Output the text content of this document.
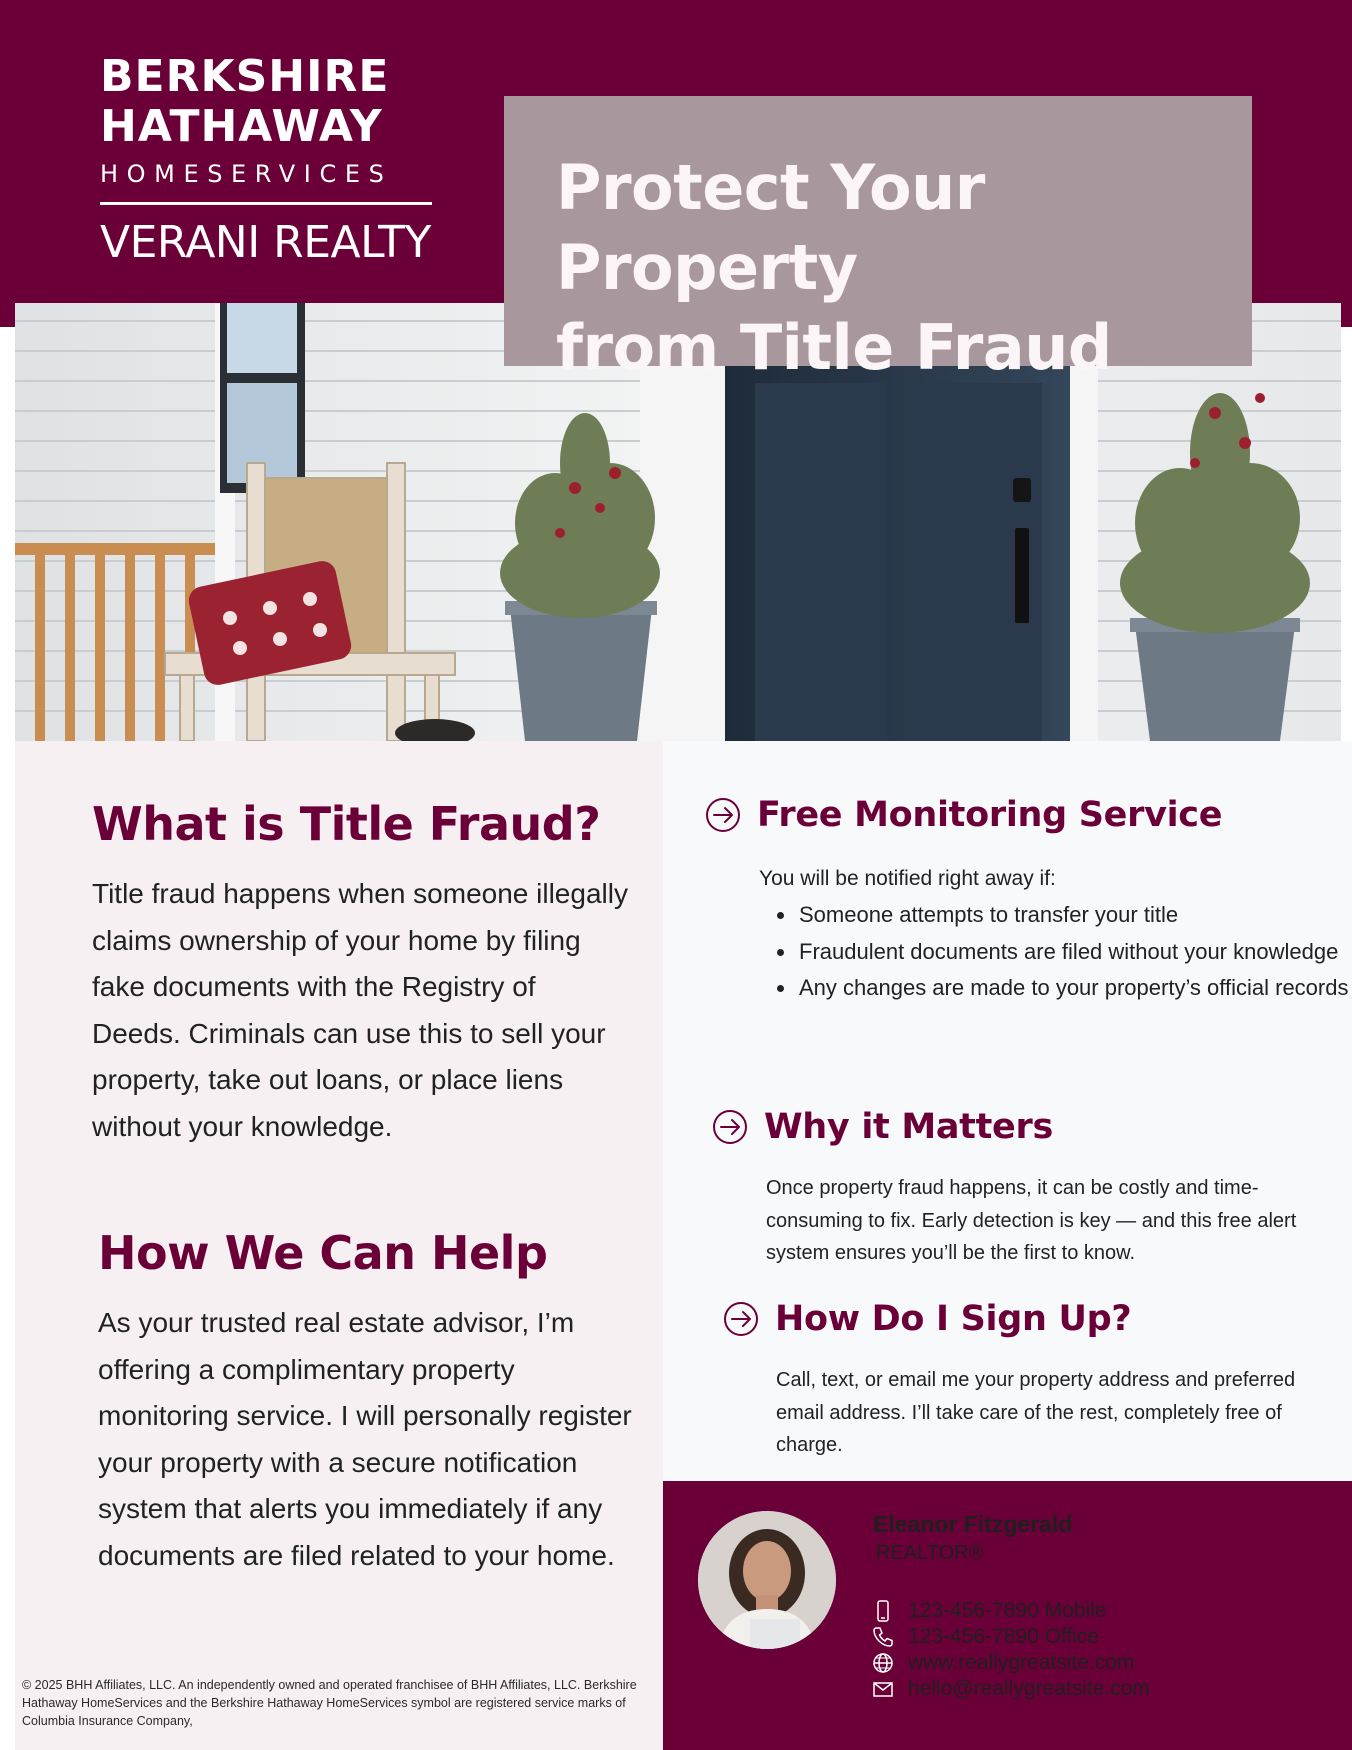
BERKSHIRE
HATHAWAY
HOMESERVICES
VERANI REALTY
Protect Your Property
from Title Fraud
What is Title Fraud?

Title fraud happens when someone illegally claims ownership of your home by filing fake documents with the Registry of Deeds. Criminals can use this to sell your property, take out loans, or place liens without your knowledge.

How We Can Help

As your trusted real estate advisor, I’m offering a complimentary property monitoring service. I will personally register your property with a secure notification system that alerts you immediately if any documents are filed related to your home.

© 2025 BHH Affiliates, LLC. An independently owned and operated franchisee of BHH Affiliates, LLC. Berkshire Hathaway HomeServices and the Berkshire Hathaway HomeServices symbol are registered service marks of Columbia Insurance Company,
Free Monitoring Service

You will be notified right away if:

• Someone attempts to transfer your title
• Fraudulent documents are filed without your knowledge
• Any changes are made to your property’s official records
Why it Matters

Once property fraud happens, it can be costly and time-consuming to fix. Early detection is key — and this free alert system ensures you’ll be the first to know.

How Do I Sign Up?

Call, text, or email me your property address and preferred email address. I’ll take care of the rest, completely free of charge.

Eleanor Fitzgerald
REALTOR®
123-456-7890 Mobile
123-456-7890 Office
www.reallygreatsite.com
hello@reallygreatsite.com
